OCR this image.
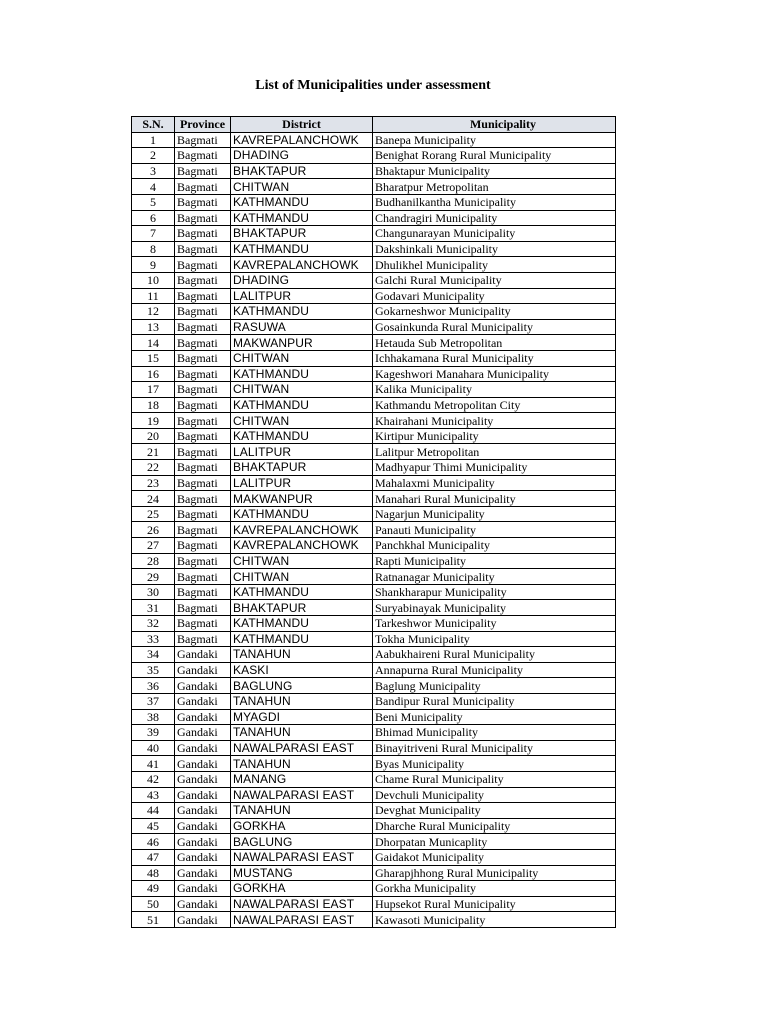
List of Municipalities under assessment
S.N.	Province	District	Municipality
1	Bagmati	KAVREPALANCHOWK	Banepa Municipality
2	Bagmati	DHADING	Benighat Rorang Rural Municipality
3	Bagmati	BHAKTAPUR	Bhaktapur Municipality
4	Bagmati	CHITWAN	Bharatpur Metropolitan
5	Bagmati	KATHMANDU	Budhanilkantha Municipality
6	Bagmati	KATHMANDU	Chandragiri Municipality
7	Bagmati	BHAKTAPUR	Changunarayan Municipality
8	Bagmati	KATHMANDU	Dakshinkali Municipality
9	Bagmati	KAVREPALANCHOWK	Dhulikhel Municipality
10	Bagmati	DHADING	Galchi Rural Municipality
11	Bagmati	LALITPUR	Godavari Municipality
12	Bagmati	KATHMANDU	Gokarneshwor Municipality
13	Bagmati	RASUWA	Gosainkunda Rural Municipality
14	Bagmati	MAKWANPUR	Hetauda Sub Metropolitan
15	Bagmati	CHITWAN	Ichhakamana Rural Municipality
16	Bagmati	KATHMANDU	Kageshwori Manahara Municipality
17	Bagmati	CHITWAN	Kalika Municipality
18	Bagmati	KATHMANDU	Kathmandu Metropolitan City
19	Bagmati	CHITWAN	Khairahani Municipality
20	Bagmati	KATHMANDU	Kirtipur Municipality
21	Bagmati	LALITPUR	Lalitpur Metropolitan
22	Bagmati	BHAKTAPUR	Madhyapur Thimi Municipality
23	Bagmati	LALITPUR	Mahalaxmi Municipality
24	Bagmati	MAKWANPUR	Manahari Rural Municipality
25	Bagmati	KATHMANDU	Nagarjun Municipality
26	Bagmati	KAVREPALANCHOWK	Panauti Municipality
27	Bagmati	KAVREPALANCHOWK	Panchkhal Municipality
28	Bagmati	CHITWAN	Rapti Municipality
29	Bagmati	CHITWAN	Ratnanagar Municipality
30	Bagmati	KATHMANDU	Shankharapur Municipality
31	Bagmati	BHAKTAPUR	Suryabinayak Municipality
32	Bagmati	KATHMANDU	Tarkeshwor Municipality
33	Bagmati	KATHMANDU	Tokha Municipality
34	Gandaki	TANAHUN	Aabukhaireni Rural Municipality
35	Gandaki	KASKI	Annapurna Rural Municipality
36	Gandaki	BAGLUNG	Baglung Municipality
37	Gandaki	TANAHUN	Bandipur Rural Municipality
38	Gandaki	MYAGDI	Beni Municipality
39	Gandaki	TANAHUN	Bhimad Municipality
40	Gandaki	NAWALPARASI EAST	Binayitriveni Rural Municipality
41	Gandaki	TANAHUN	Byas Municipality
42	Gandaki	MANANG	Chame Rural Municipality
43	Gandaki	NAWALPARASI EAST	Devchuli Municipality
44	Gandaki	TANAHUN	Devghat Municipality
45	Gandaki	GORKHA	Dharche Rural Municipality
46	Gandaki	BAGLUNG	Dhorpatan Municaplity
47	Gandaki	NAWALPARASI EAST	Gaidakot Municipality
48	Gandaki	MUSTANG	Gharapjhhong Rural Municipality
49	Gandaki	GORKHA	Gorkha Municipality
50	Gandaki	NAWALPARASI EAST	Hupsekot Rural Municipality
51	Gandaki	NAWALPARASI EAST	Kawasoti Municipality
